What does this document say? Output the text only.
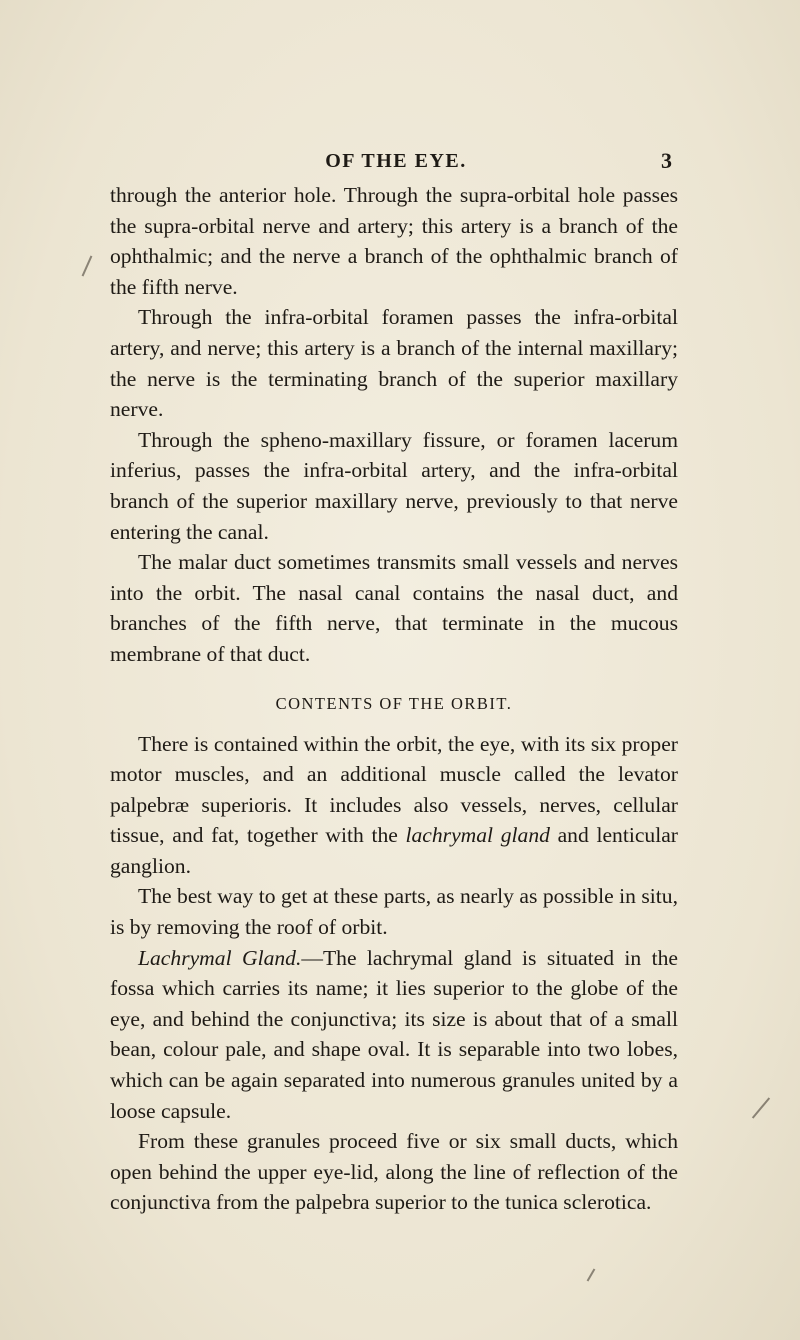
OF THE EYE.	3

through the anterior hole. Through the supra-orbital hole passes the supra-orbital nerve and artery; this artery is a branch of the ophthalmic; and the nerve a branch of the ophthalmic branch of the fifth nerve.

Through the infra-orbital foramen passes the infra-orbital artery, and nerve; this artery is a branch of the internal maxillary; the nerve is the terminating branch of the superior maxillary nerve.

Through the spheno-maxillary fissure, or foramen lacerum inferius, passes the infra-orbital artery, and the infra-orbital branch of the superior maxillary nerve, previously to that nerve entering the canal.

The malar duct sometimes transmits small vessels and nerves into the orbit. The nasal canal contains the nasal duct, and branches of the fifth nerve, that terminate in the mucous membrane of that duct.

CONTENTS OF THE ORBIT.

There is contained within the orbit, the eye, with its six proper motor muscles, and an additional muscle called the levator palpebræ superioris. It includes also vessels, nerves, cellular tissue, and fat, together with the lachrymal gland and lenticular ganglion.

The best way to get at these parts, as nearly as possible in situ, is by removing the roof of orbit.

Lachrymal Gland.—The lachrymal gland is situated in the fossa which carries its name; it lies superior to the globe of the eye, and behind the conjunctiva; its size is about that of a small bean, colour pale, and shape oval. It is separable into two lobes, which can be again separated into numerous granules united by a loose capsule.

From these granules proceed five or six small ducts, which open behind the upper eye-lid, along the line of reflection of the conjunctiva from the palpebra superior to the tunica sclerotica.
